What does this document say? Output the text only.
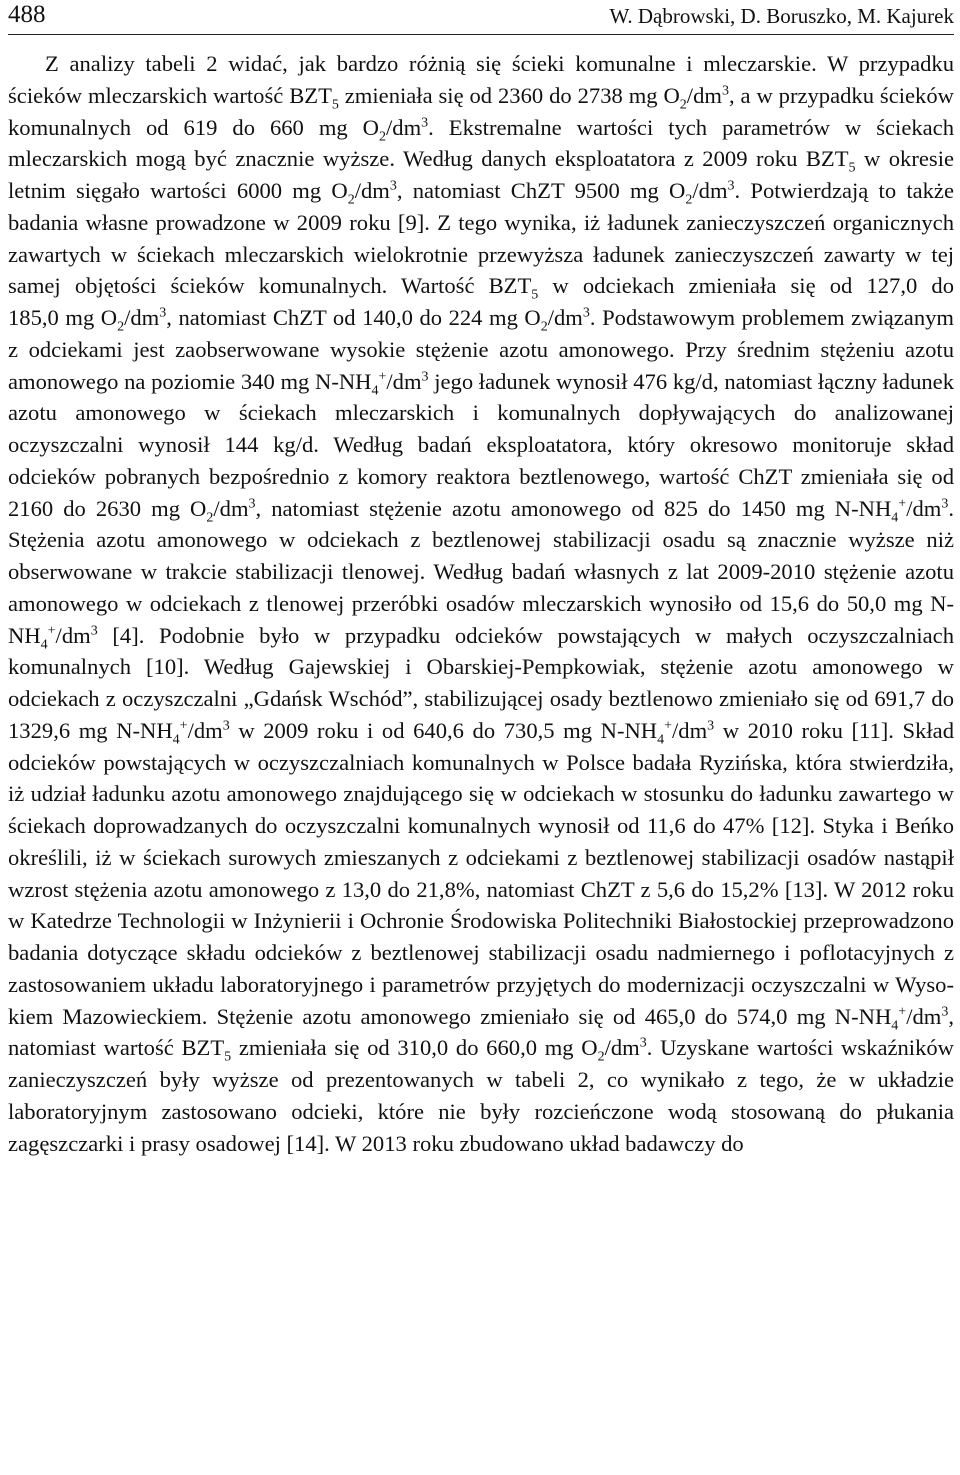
488	W. Dąbrowski, D. Boruszko, M. Kajurek

Z analizy tabeli 2 widać, jak bardzo różnią się ścieki komunalne i mleczarskie. W przypadku ścieków mleczarskich wartość $BZT_5$ zmieniała się od 2360 do 2738 mg $O_2/dm^3$, a w przypadku ścieków komunalnych od 619 do 660 mg $O_2/dm^3$. Ekstremalne wartości tych parametrów w ściekach mleczarskich mogą być znacznie wyższe. Według danych eksploatatora z 2009 roku $BZT_5$ w okresie letnim sięgało wartości 6000 mg $O_2/dm^3$, natomiast ChZT 9500 mg $O_2/dm^3$. Potwierdzają to także badania własne prowadzone w 2009 roku [9]. Z tego wynika, iż ładunek zanieczyszczeń organicznych zawartych w ściekach mleczarskich wielokrotnie przewyższa ładunek zanieczyszczeń zawarty w tej samej objętości ścieków komunalnych. Wartość $BZT_5$ w odciekach zmieniała się od 127,0 do 185,0 mg $O_2/dm^3$, natomiast ChZT od 140,0 do 224 mg $O_2/dm^3$. Podstawowym problemem związanym z odciekami jest zaobserwowane wysokie stężenie azotu amonowego. Przy średnim stężeniu azotu amonowego na poziomie 340 mg $N-NH_4^+/dm^3$ jego ładunek wynosił 476 kg/d, natomiast łączny ładunek azotu amonowego w ściekach mleczarskich i komunalnych dopływających do analizowanej oczyszczalni wynosił 144 kg/d. Według badań eksploatatora, który okresowo monitoruje skład odcieków pobranych bezpośrednio z komory reaktora beztlenowego, wartość ChZT zmieniała się od 2160 do 2630 mg $O_2/dm^3$, natomiast stężenie azotu amonowego od 825 do 1450 mg $N-NH_4^+/dm^3$. Stężenia azotu amonowego w odciekach z beztlenowej stabilizacji osadu są znacznie wyższe niż obserwowane w trakcie stabilizacji tlenowej. Według badań własnych z lat 2009-2010 stężenie azotu amonowego w odciekach z tlenowej przeróbki osadów mleczarskich wynosiło od 15,6 do 50,0 mg $N-NH_4^+/dm^3$ [4]. Podobnie było w przypadku odcieków powstających w małych oczyszczalniach komunalnych [10]. Według Gajewskiej i Obarskiej-Pempkowiak, stężenie azotu amonowego w odciekach z oczyszczalni „Gdańsk Wschód”, stabilizującej osady beztlenowo zmieniało się od 691,7 do 1329,6 mg $N-NH_4^+/dm^3$ w 2009 roku i od 640,6 do 730,5 mg $N-NH_4^+/dm^3$ w 2010 roku [11]. Skład odcieków powstających w oczyszczalniach komunalnych w Polsce badała Ryzińska, która stwierdziła, iż udział ładunku azotu amonowego znajdującego się w odciekach w stosunku do ładunku zawartego w ściekach doprowadzanych do oczyszczalni komunalnych wynosił od 11,6 do 47% [12]. Styka i Beńko określili, iż w ściekach surowych zmieszanych z odciekami z beztlenowej stabilizacji osadów nastąpił wzrost stężenia azotu amonowego z 13,0 do 21,8%, natomiast ChZT z 5,6 do 15,2% [13]. W 2012 roku w Katedrze Technologii w Inżynierii i Ochronie Środowiska Politechniki Białostockiej przeprowadzono badania dotyczące składu odcieków z beztlenowej stabilizacji osadu nadmiernego i poflotacyjnych z zastosowaniem układu laboratoryjnego i parametrów przyjętych do modernizacji oczyszczalni w Wysokiem Mazowieckiem. Stężenie azotu amonowego zmieniało się od 465,0 do 574,0 mg $N-NH_4^+/dm^3$, natomiast wartość $BZT_5$ zmieniała się od 310,0 do 660,0 mg $O_2/dm^3$. Uzyskane wartości wskaźników zanieczyszczeń były wyższe od prezentowanych w tabeli 2, co wynikało z tego, że w układzie laboratoryjnym zastosowano odcieki, które nie były rozcieńczone wodą stosowaną do płukania zagęszczarki i prasy osadowej [14]. W 2013 roku zbudowano układ badawczy do
